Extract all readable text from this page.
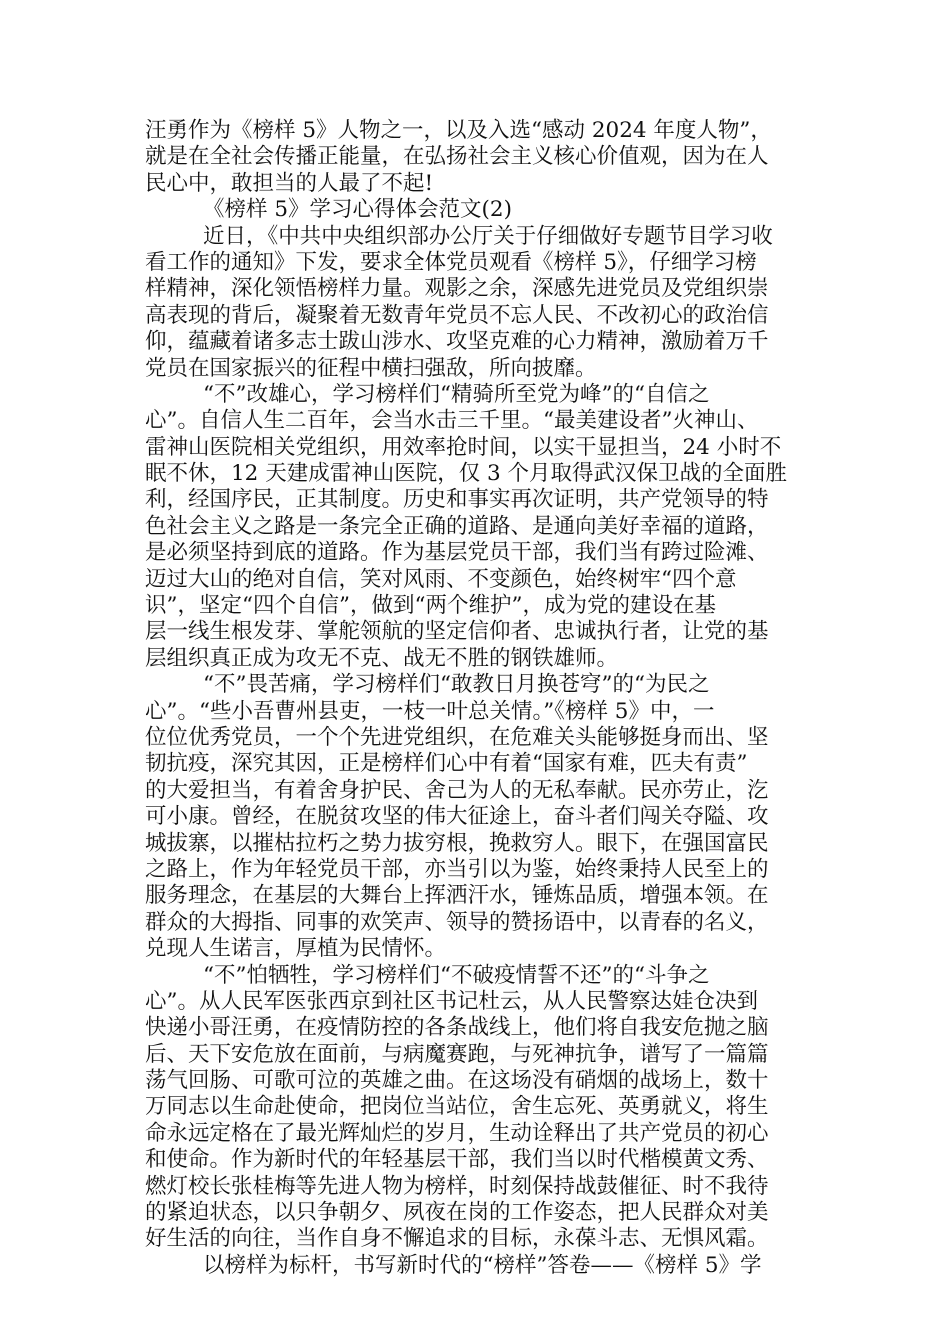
汪勇作为《榜样 5》人物之一，以及入选“感动 2024 年度人物”，
就是在全社会传播正能量，在弘扬社会主义核心价值观，因为在人
民心中，敢担当的人最了不起!
《榜样 5》学习心得体会范文(2)
近日，《中共中央组织部办公厅关于仔细做好专题节目学习收
看工作的通知》下发，要求全体党员观看《榜样 5》，仔细学习榜
样精神，深化领悟榜样力量。观影之余，深感先进党员及党组织崇
高表现的背后，凝聚着无数青年党员不忘人民、不改初心的政治信
仰，蕴藏着诸多志士跋山涉水、攻坚克难的心力精神，激励着万千
党员在国家振兴的征程中横扫强敌，所向披靡。
“不”改雄心，学习榜样们“精骑所至党为峰”的“自信之
心”。自信人生二百年，会当水击三千里。“最美建设者”火神山、
雷神山医院相关党组织，用效率抢时间，以实干显担当，24 小时不
眠不休，12 天建成雷神山医院，仅 3 个月取得武汉保卫战的全面胜
利，经国序民，正其制度。历史和事实再次证明，共产党领导的特
色社会主义之路是一条完全正确的道路、是通向美好幸福的道路，
是必须坚持到底的道路。作为基层党员干部，我们当有跨过险滩、
迈过大山的绝对自信，笑对风雨、不变颜色，始终树牢“四个意
识”，坚定“四个自信”，做到“两个维护”，成为党的建设在基
层一线生根发芽、掌舵领航的坚定信仰者、忠诚执行者，让党的基
层组织真正成为攻无不克、战无不胜的钢铁雄师。
“不”畏苦痛，学习榜样们“敢教日月换苍穹”的“为民之
心”。“些小吾曹州县吏，一枝一叶总关情。”《榜样 5》中，一
位位优秀党员，一个个先进党组织，在危难关头能够挺身而出、坚
韧抗疫，深究其因，正是榜样们心中有着“国家有难，匹夫有责”
的大爱担当，有着舍身护民、舍己为人的无私奉献。民亦劳止，汔
可小康。曾经，在脱贫攻坚的伟大征途上，奋斗者们闯关夺隘、攻
城拔寨，以摧枯拉朽之势力拔穷根，挽救穷人。眼下，在强国富民
之路上，作为年轻党员干部，亦当引以为鉴，始终秉持人民至上的
服务理念，在基层的大舞台上挥洒汗水，锤炼品质，增强本领。在
群众的大拇指、同事的欢笑声、领导的赞扬语中，以青春的名义，
兑现人生诺言，厚植为民情怀。
“不”怕牺牲，学习榜样们“不破疫情誓不还”的“斗争之
心”。从人民军医张西京到社区书记杜云，从人民警察达娃仓决到
快递小哥汪勇，在疫情防控的各条战线上，他们将自我安危抛之脑
后、天下安危放在面前，与病魔赛跑，与死神抗争，谱写了一篇篇
荡气回肠、可歌可泣的英雄之曲。在这场没有硝烟的战场上，数十
万同志以生命赴使命，把岗位当站位，舍生忘死、英勇就义，将生
命永远定格在了最光辉灿烂的岁月，生动诠释出了共产党员的初心
和使命。作为新时代的年轻基层干部，我们当以时代楷模黄文秀、
燃灯校长张桂梅等先进人物为榜样，时刻保持战鼓催征、时不我待
的紧迫状态，以只争朝夕、夙夜在岗的工作姿态，把人民群众对美
好生活的向往，当作自身不懈追求的目标，永葆斗志、无惧风霜。
以榜样为标杆，书写新时代的“榜样”答卷——《榜样 5》学
